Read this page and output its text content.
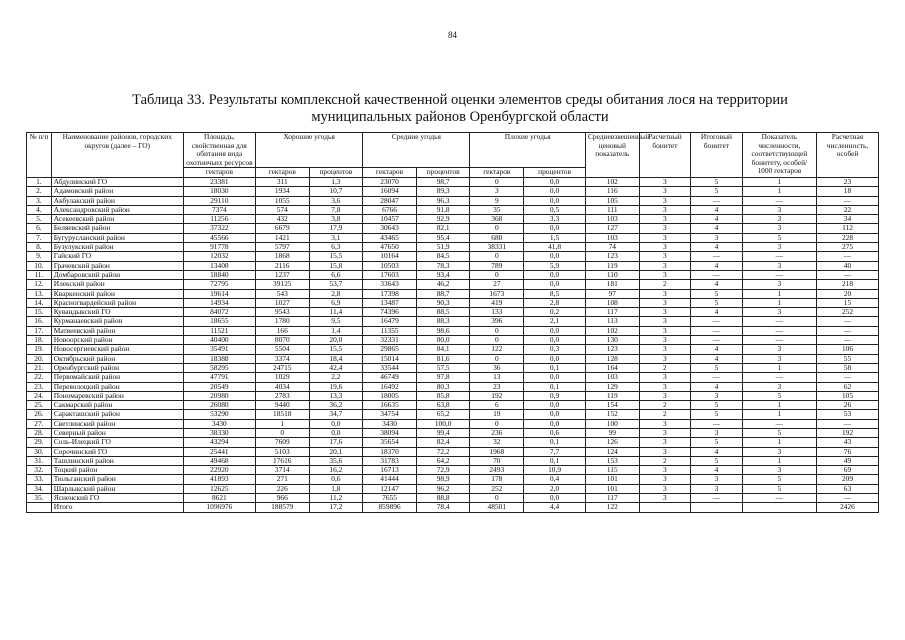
84
Таблица 33. Результаты комплексной качественной оценки элементов среды обитания лося на территории
муниципальных районов Оренбургской области
№ п/п	Наименование районов, городских округов (далее – ГО)	Площадь, свойственная для обитания вида охотничьих ресурсов	Хорошие угодья		Средние угодья		Плохие угодья		Средневзвешенный ценовый показатель	Расчетный бонитет	Итоговый бонитет	Показатель численности, соответствующей бонитету, особей/ 1000 гектаров	Расчетная численность, особей
		гектаров	гектаров	процентов	гектаров	процентов	гектаров	процентов					
1.	Абдулинский ГО	23381	311	1,3	23070	98,7	0	0,0	102	3	5	1	23
2.	Адамовский район	18030	1934	10,7	16094	89,3	3	0,0	116	3	5	1	18
3.	Акбулакский район	29110	1055	3,6	28047	96,3	9	0,0	105	3	—	—	—
4.	Александровский район	7374	574	7,8	6766	91,8	35	0,5	111	3	4	3	22
5.	Асекеевский район	11256	432	3,8	10457	92,9	368	3,3	103	3	4	3	34
6.	Беляевский район	37322	6679	17,9	30643	82,1	0	0,0	127	3	4	3	112
7.	Бугурусланский район	45566	1421	3,1	43465	95,4	680	1,5	103	3	3	5	228
8.	Бузулукский район	91778	5797	6,3	47650	51,9	38331	41,8	74	3	4	3	275
9.	Гайский ГО	12032	1868	15,5	10164	84,5	0	0,0	123	3	—	—	—
10.	Грачевский район	13408	2116	15,8	10503	78,3	789	5,9	119	3	4	3	40
11.	Домбаровский район	18840	1237	6,6	17603	93,4	0	0,0	110	3	—	—	—
12.	Илекский район	72795	39125	53,7	33643	46,2	27	0,0	181	2	4	3	218
13.	Кваркенский район	19614	543	2,8	17398	88,7	1673	8,5	97	3	5	1	20
14.	Красногвардейский район	14934	1027	6,9	13487	90,3	419	2,8	108	3	5	1	15
15.	Кувандыкский ГО	84072	9543	11,4	74396	88,5	133	0,2	117	3	4	3	252
16.	Курманаевский район	18655	1780	9,5	16479	88,3	396	2,1	113	3	—	—	—
17.	Матвеевский район	11521	166	1,4	11355	98,6	0	0,0	102	3	—	—	—
18.	Новоорский район	40400	8070	20,0	32331	80,0	0	0,0	130	3	—	—	—
19.	Новосергиевский район	35491	5504	15,5	29865	84,1	122	0,3	123	3	4	3	106
20.	Октябрьский район	18388	3374	18,4	15014	81,6	0	0,0	128	3	4	3	55
21.	Оренбургский район	58295	24715	42,4	33544	57,5	36	0,1	164	2	5	1	58
22.	Первомайский район	47791	1029	2,2	46749	97,8	13	0,0	103	3	—	—	—
23.	Переволоцкий район	20549	4034	19,6	16492	80,3	23	0,1	129	3	4	3	62
24.	Пономаревский район	20980	2783	13,3	18005	85,8	192	0,9	119	3	3	5	105
25.	Сакмарский район	26080	9440	36,2	16635	63,8	6	0,0	154	2	5	1	26
26.	Саракташский район	53290	18518	34,7	34754	65,2	19	0,0	152	2	5	1	53
27.	Светлинский район	3430	1	0,0	3430	100,0	0	0,0	100	3	—	—	—
28.	Северный район	38330	0	0,0	38094	99,4	236	0,6	99	3	3	5	192
29.	Соль-Илецкий ГО	43294	7609	17,6	35654	82,4	32	0,1	126	3	5	1	43
30.	Сорочинский ГО	25441	5103	20,1	18370	72,2	1968	7,7	124	3	4	3	76
31.	Ташлинский район	49468	17616	35,6	31783	64,2	70	0,1	153	2	5	1	49
32.	Тоцкий район	22920	3714	16,2	16713	72,9	2493	10,9	115	3	4	3	69
33.	Тюльганский район	41893	271	0,6	41444	98,9	178	0,4	101	3	3	5	209
34.	Шарлыкский район	12625	226	1,8	12147	96,2	252	2,0	101	3	3	5	63
35.	Ясненский ГО	8621	966	11,2	7655	88,8	0	0,0	117	3	—	—	—
	Итого	1096976	188579	17,2	859896	78,4	48501	4,4	122				2426
